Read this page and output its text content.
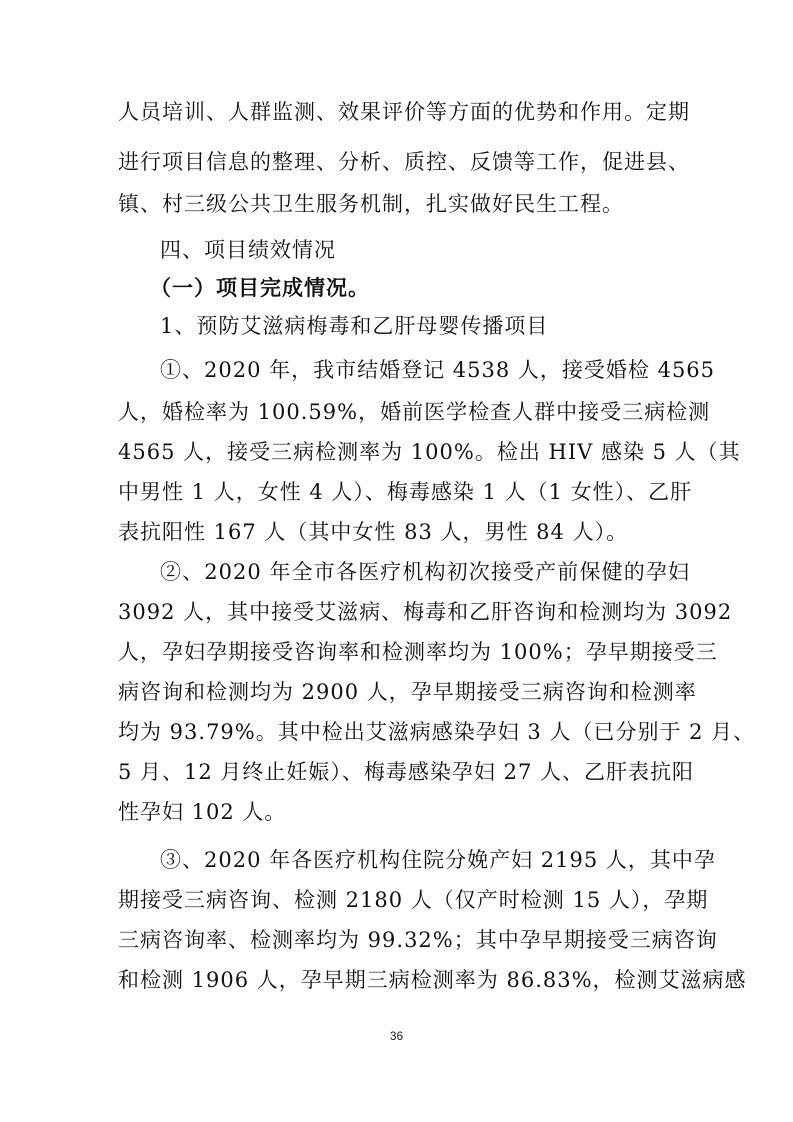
人员培训、人群监测、效果评价等方面的优势和作用。定期
进行项目信息的整理、分析、质控、反馈等工作，促进县、
镇、村三级公共卫生服务机制，扎实做好民生工程。
四、项目绩效情况
（一）项目完成情况。
1、预防艾滋病梅毒和乙肝母婴传播项目
①、2020 年，我市结婚登记 4538 人，接受婚检 4565
人，婚检率为 100.59%，婚前医学检查人群中接受三病检测
4565 人，接受三病检测率为 100%。检出 HIV 感染 5 人（其
中男性 1 人，女性 4 人）、梅毒感染 1 人（1 女性）、乙肝
表抗阳性 167 人（其中女性 83 人，男性 84 人）。
②、2020 年全市各医疗机构初次接受产前保健的孕妇
3092 人，其中接受艾滋病、梅毒和乙肝咨询和检测均为 3092
人，孕妇孕期接受咨询率和检测率均为 100%；孕早期接受三
病咨询和检测均为 2900 人，孕早期接受三病咨询和检测率
均为 93.79%。其中检出艾滋病感染孕妇 3 人（已分别于 2 月、
5 月、12 月终止妊娠）、梅毒感染孕妇 27 人、乙肝表抗阳
性孕妇 102 人。
③、2020 年各医疗机构住院分娩产妇 2195 人，其中孕
期接受三病咨询、检测 2180 人（仅产时检测 15 人），孕期
三病咨询率、检测率均为 99.32%；其中孕早期接受三病咨询
和检测 1906 人，孕早期三病检测率为 86.83%，检测艾滋病感
36
